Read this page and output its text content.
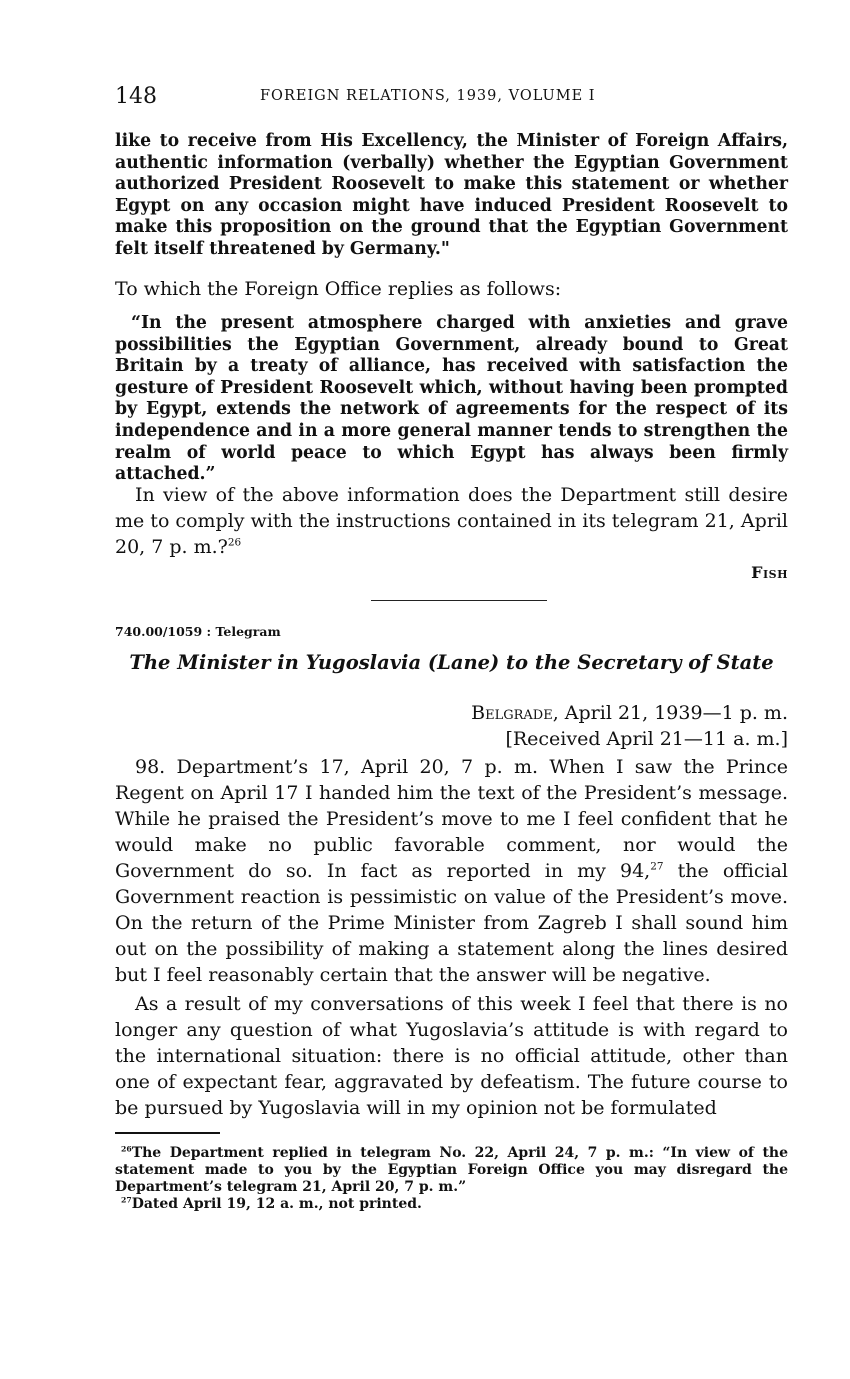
148	FOREIGN RELATIONS, 1939, VOLUME I
like to receive from His Excellency, the Minister of Foreign Affairs, authentic information (verbally) whether the Egyptian Government authorized President Roosevelt to make this statement or whether Egypt on any occasion might have induced President Roosevelt to make this proposition on the ground that the Egyptian Government felt itself threatened by Germany."
To which the Foreign Office replies as follows:
“In the present atmosphere charged with anxieties and grave possibilities the Egyptian Government, already bound to Great Britain by a treaty of alliance, has received with satisfaction the gesture of President Roosevelt which, without having been prompted by Egypt, extends the network of agreements for the respect of its independence and in a more general manner tends to strengthen the realm of world peace to which Egypt has always been firmly attached.”
In view of the above information does the Department still desire me to comply with the instructions contained in its telegram 21, April 20, 7 p. m.?$^{26}$
Fish
740.00/1059 : Telegram
The Minister in Yugoslavia (Lane) to the Secretary of State
Belgrade, April 21, 1939—1 p. m.
[Received April 21—11 a. m.]
98. Department’s 17, April 20, 7 p. m. When I saw the Prince Regent on April 17 I handed him the text of the President’s message. While he praised the President’s move to me I feel confident that he would make no public favorable comment, nor would the Government do so. In fact as reported in my 94,27 the official Government reaction is pessimistic on value of the President’s move. On the return of the Prime Minister from Zagreb I shall sound him out on the possibility of making a statement along the lines desired but I feel reasonably certain that the answer will be negative.
As a result of my conversations of this week I feel that there is no longer any question of what Yugoslavia’s attitude is with regard to the international situation: there is no official attitude, other than one of expectant fear, aggravated by defeatism. The future course to be pursued by Yugoslavia will in my opinion not be formulated
$^{26}$The Department replied in telegram No. 22, April 24, 7 p. m.: “In view of the statement made to you by the Egyptian Foreign Office you may disregard the Department’s telegram 21, April 20, 7 p. m.”
$^{27}$Dated April 19, 12 a. m., not printed.
